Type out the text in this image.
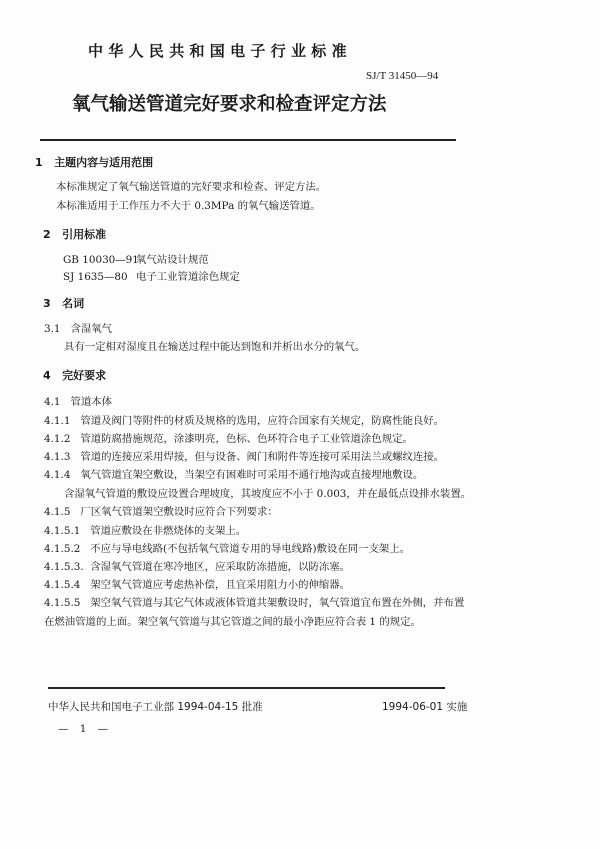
中华人民共和国电子行业标准
SJ/T 31450—94
氧气输送管道完好要求和检查评定方法
1 主题内容与适用范围
本标准规定了氧气输送管道的完好要求和检查、评定方法。
本标准适用于工作压力不大于 0.3MPa 的氧气输送管道。
2 引用标准
GB 10030—91
氧气站设计规范
SJ 1635—80 电子工业管道涂色规定
3 名词
3.1 含湿氧气
具有一定相对湿度且在输送过程中能达到饱和并析出水分的氧气。
4 完好要求
4.1 管道本体
4.1.1 管道及阀门等附件的材质及规格的选用，应符合国家有关规定，防腐性能良好。
4.1.2 管道防腐措施规范，涂漆明亮，色标、色环符合电子工业管道涂色规定。
4.1.3 管道的连接应采用焊接，但与设备、阀门和附件等连接可采用法兰或螺纹连接。
4.1.4 氧气管道宜架空敷设，当架空有困难时可采用不通行地沟或直接埋地敷设。
含湿氧气管道的敷设应设置合理坡度，其坡度应不小于 0.003，并在最低点设排水装置。
4.1.5 厂区氧气管道架空敷设时应符合下列要求：
4.1.5.1 管道应敷设在非燃烧体的支架上。
4.1.5.2 不应与导电线路(不包括氧气管道专用的导电线路)敷设在同一支架上。
4.1.5.3. 含湿氧气管道在寒冷地区，应采取防冻措施，以防冻塞。
4.1.5.4 架空氧气管道应考虑热补偿，且宜采用阻力小的伸缩器。
4.1.5.5 架空氧气管道与其它气体或液体管道共架敷设时，氧气管道宜布置在外侧，并布置
在燃油管道的上面。架空氧气管道与其它管道之间的最小净距应符合表 1 的规定。
中华人民共和国电子工业部 1994-04-15 批准	1994-06-01 实施
— 1 —
